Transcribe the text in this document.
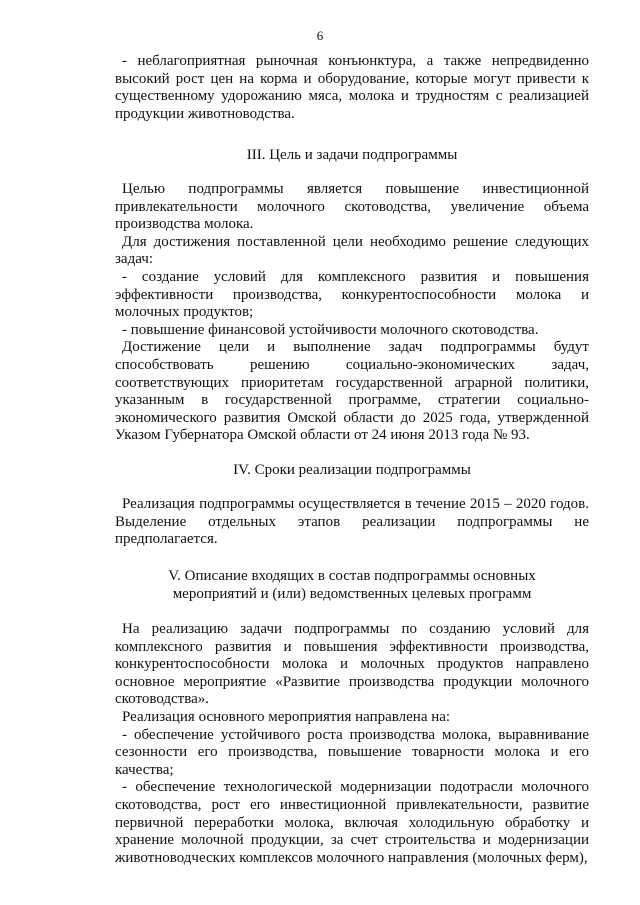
6

- неблагоприятная рыночная конъюнктура, а также непредвиденно высокий рост цен на корма и оборудование, которые могут привести к существенному удорожанию мяса, молока и трудностям с реализацией продукции животноводства.

III. Цель и задачи подпрограммы

Целью подпрограммы является повышение инвестиционной привлекательности молочного скотоводства, увеличение объема производства молока.

Для достижения поставленной цели необходимо решение следующих задач:

- создание условий для комплексного развития и повышения эффективности производства, конкурентоспособности молока и молочных продуктов;

- повышение финансовой устойчивости молочного скотоводства.

Достижение цели и выполнение задач подпрограммы будут способствовать решению социально-экономических задач, соответствующих приоритетам государственной аграрной политики, указанным в государственной программе, стратегии социально-экономического развития Омской области до 2025 года, утвержденной Указом Губернатора Омской области от 24 июня 2013 года № 93.

IV. Сроки реализации подпрограммы

Реализация подпрограммы осуществляется в течение 2015 – 2020 годов. Выделение отдельных этапов реализации подпрограммы не предполагается.

V. Описание входящих в состав подпрограммы основных

мероприятий и (или) ведомственных целевых программ

На реализацию задачи подпрограммы по созданию условий для комплексного развития и повышения эффективности производства, конкурентоспособности молока и молочных продуктов направлено основное мероприятие «Развитие производства продукции молочного скотоводства».

Реализация основного мероприятия направлена на:

- обеспечение устойчивого роста производства молока, выравнивание сезонности его производства, повышение товарности молока и его качества;

- обеспечение технологической модернизации подотрасли молочного скотоводства, рост его инвестиционной привлекательности, развитие первичной переработки молока, включая холодильную обработку и хранение молочной продукции, за счет строительства и модернизации животноводческих комплексов молочного направления (молочных ферм),
